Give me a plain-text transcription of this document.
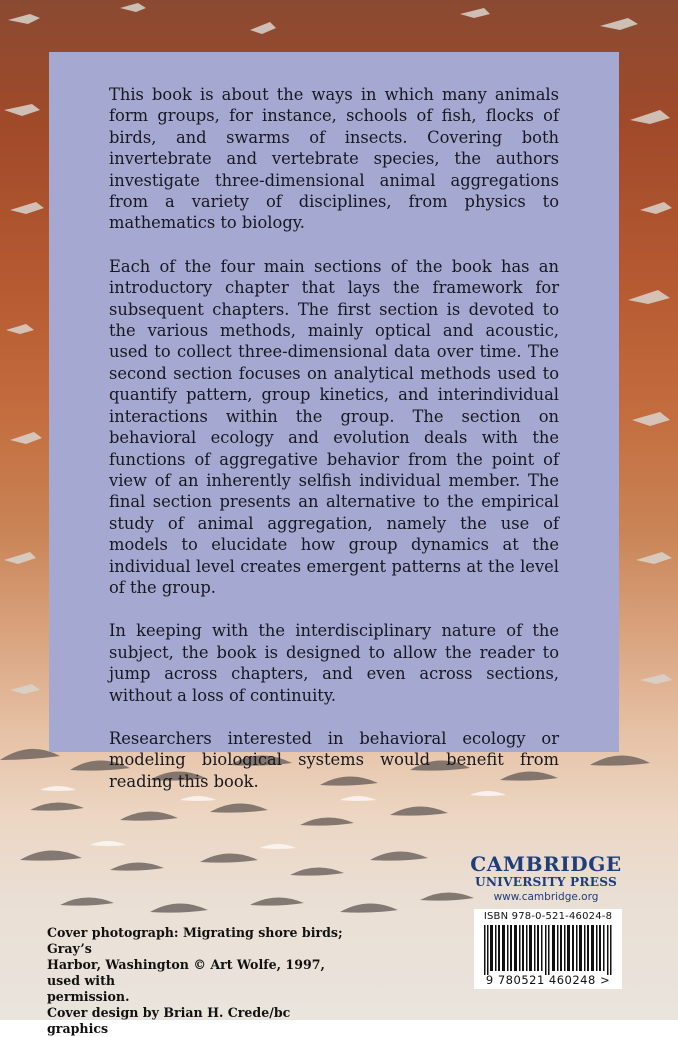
This book is about the ways in which many animals form groups, for instance, schools of fish, flocks of birds, and swarms of insects. Covering both invertebrate and vertebrate species, the authors investigate three-dimensional animal aggregations from a variety of disciplines, from physics to mathematics to biology.

Each of the four main sections of the book has an introductory chapter that lays the framework for subsequent chapters. The first section is devoted to the various methods, mainly optical and acoustic, used to collect three-dimensional data over time. The second section focuses on analytical methods used to quantify pattern, group kinetics, and interindividual interactions within the group. The section on behavioral ecology and evolution deals with the functions of aggregative behavior from the point of view of an inherently selfish individual member. The final section presents an alternative to the empirical study of animal aggregation, namely the use of models to elucidate how group dynamics at the individual level creates emergent patterns at the level of the group.

In keeping with the interdisciplinary nature of the subject, the book is designed to allow the reader to jump across chapters, and even across sections, without a loss of continuity.

Researchers interested in behavioral ecology or modeling biological systems would benefit from reading this book.

CAMBRIDGE
UNIVERSITY PRESS
www.cambridge.org
ISBN 978-0-521-46024-8
9 780521 460248 >
Cover photograph: Migrating shore birds; Gray’s
Harbor, Washington © Art Wolfe, 1997, used with
permission.
Cover design by Brian H. Crede/bc graphics
